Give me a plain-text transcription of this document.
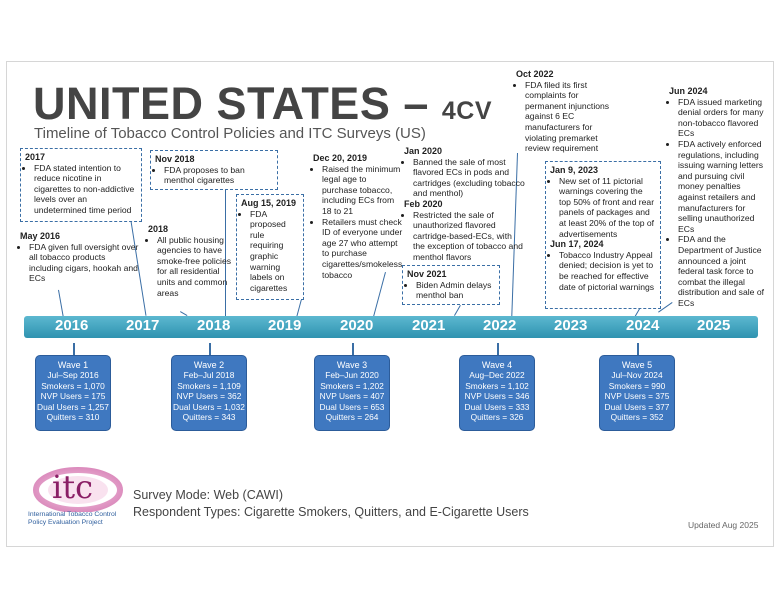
UNITED STATES – 4CV
Timeline of Tobacco Control Policies and ITC Surveys (US)
2017
• FDA stated intention to reduce nicotine in cigarettes to non-addictive levels over an undetermined time period
May 2016
• FDA given full oversight over all tobacco products including cigars, hookah and ECs
Nov 2018
• FDA proposes to ban menthol cigarettes
2018
• All public housing agencies to have smoke-free policies for all residential units and common areas
Aug 15, 2019
• FDA proposed rule requiring graphic warning labels on cigarettes
Dec 20, 2019
• Raised the minimum legal age to purchase tobacco, including ECs from 18 to 21
• Retailers must check ID of everyone under age 27 who attempt to purchase cigarettes/smokeless tobacco
Jan 2020
• Banned the sale of most flavored ECs in pods and cartridges (excluding tobacco and menthol)
Feb 2020
• Restricted the sale of unauthorized flavored cartridge-based-ECs, with the exception of tobacco and menthol flavors
Nov 2021
• Biden Admin delays menthol ban
Oct 2022
• FDA filed its first complaints for permanent injunctions against 6 EC manufacturers for violating premarket review requirement
Jan 9, 2023
• New set of 11 pictorial warnings covering the top 50% of front and rear panels of packages and at least 20% of the top of advertisements
Jun 17, 2024
• Tobacco Industry Appeal denied; decision is yet to be reached for effective date of pictorial warnings
Jun 2024
• FDA issued marketing denial orders for many non-tobacco flavored ECs
• FDA actively enforced regulations, including issuing warning letters and pursuing civil money penalties against retailers and manufacturers for selling unauthorized ECs
• FDA and the Department of Justice announced a joint federal task force to combat the illegal distribution and sale of ECs
2016	2017	2018	2019	2020	2021	2022	2023	2024	2025
Wave 1
Jul–Sep 2016
Smokers = 1,070
NVP Users = 175
Dual Users = 1,257
Quitters = 310
Wave 2
Feb–Jul 2018
Smokers = 1,109
NVP Users = 362
Dual Users = 1,032
Quitters = 343
Wave 3
Feb–Jun 2020
Smokers = 1,202
NVP Users = 407
Dual Users = 653
Quitters = 264
Wave 4
Aug–Dec 2022
Smokers = 1,102
NVP Users = 346
Dual Users = 333
Quitters = 326
Wave 5
Jul–Nov 2024
Smokers = 990
NVP Users = 375
Dual Users = 377
Quitters = 352
itc
International Tobacco Control
Policy Evaluation Project
Survey Mode: Web (CAWI)
Respondent Types: Cigarette Smokers, Quitters, and E-Cigarette Users
Updated Aug 2025
